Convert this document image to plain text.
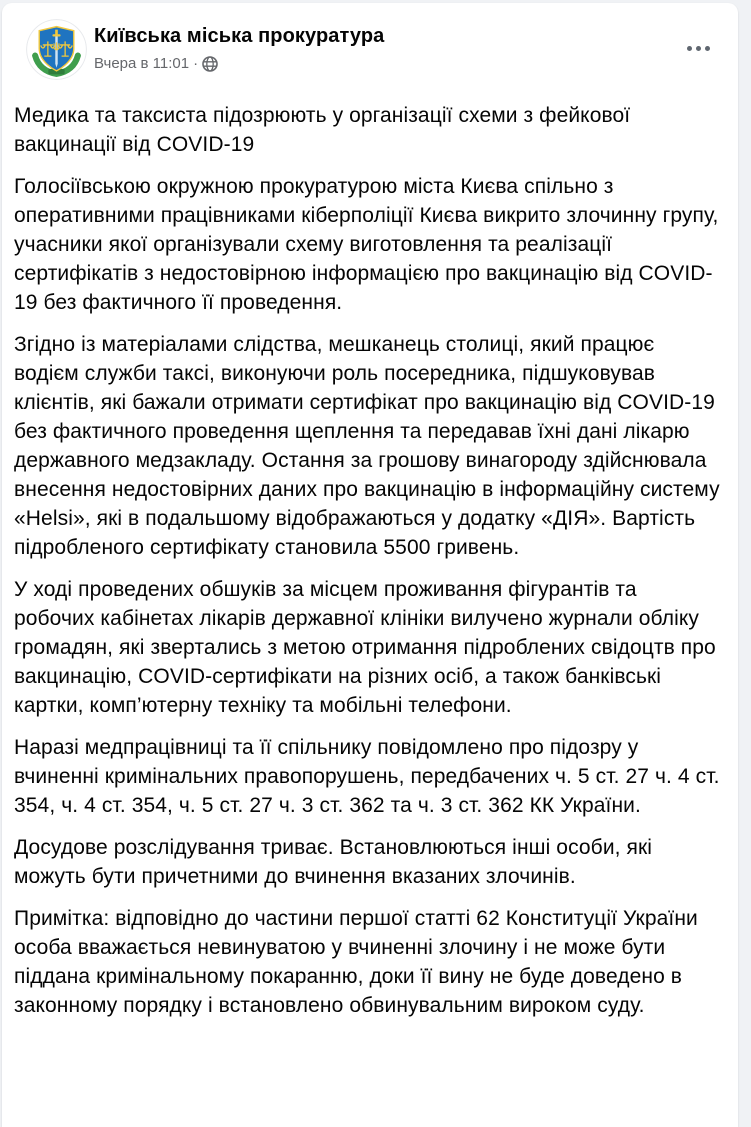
Київська міська прокуратура
Вчера в 11:01 ·

Медика та таксиста підозрюють у організації схеми з фейкової вакцинації від COVID-19

Голосіївською окружною прокуратурою міста Києва спільно з оперативними працівниками кіберполіції Києва викрито злочинну групу, учасники якої організували схему виготовлення та реалізації сертифікатів з недостовірною інформацією про вакцинацію від COVID-19 без фактичного її проведення.

Згідно із матеріалами слідства, мешканець столиці, який працює водієм служби таксі, виконуючи роль посередника, підшуковував клієнтів, які бажали отримати сертифікат про вакцинацію від COVID-19 без фактичного проведення щеплення та передавав їхні дані лікарю державного медзакладу. Остання за грошову винагороду здійснювала внесення недостовірних даних про вакцинацію в інформаційну систему «Helsi», які в подальшому відображаються у додатку «ДІЯ». Вартість підробленого сертифікату становила 5500 гривень.

У ході проведених обшуків за місцем проживання фігурантів та робочих кабінетах лікарів державної клініки вилучено журнали обліку громадян, які звертались з метою отримання підроблених свідоцтв про вакцинацію, COVID-сертифікати на різних осіб, а також банківські картки, комп’ютерну техніку та мобільні телефони.

Наразі медпрацівниці та її спільнику повідомлено про підозру у вчиненні кримінальних правопорушень, передбачених ч. 5 ст. 27 ч. 4 ст. 354, ч. 4 ст. 354, ч. 5 ст. 27 ч. 3 ст. 362 та ч. 3 ст. 362 КК України.

Досудове розслідування триває. Встановлюються інші особи, які можуть бути причетними до вчинення вказаних злочинів.

Примітка: відповідно до частини першої статті 62 Конституції України особа вважається невинуватою у вчиненні злочину і не може бути піддана кримінальному покаранню, доки її вину не буде доведено в законному порядку і встановлено обвинувальним вироком суду.
